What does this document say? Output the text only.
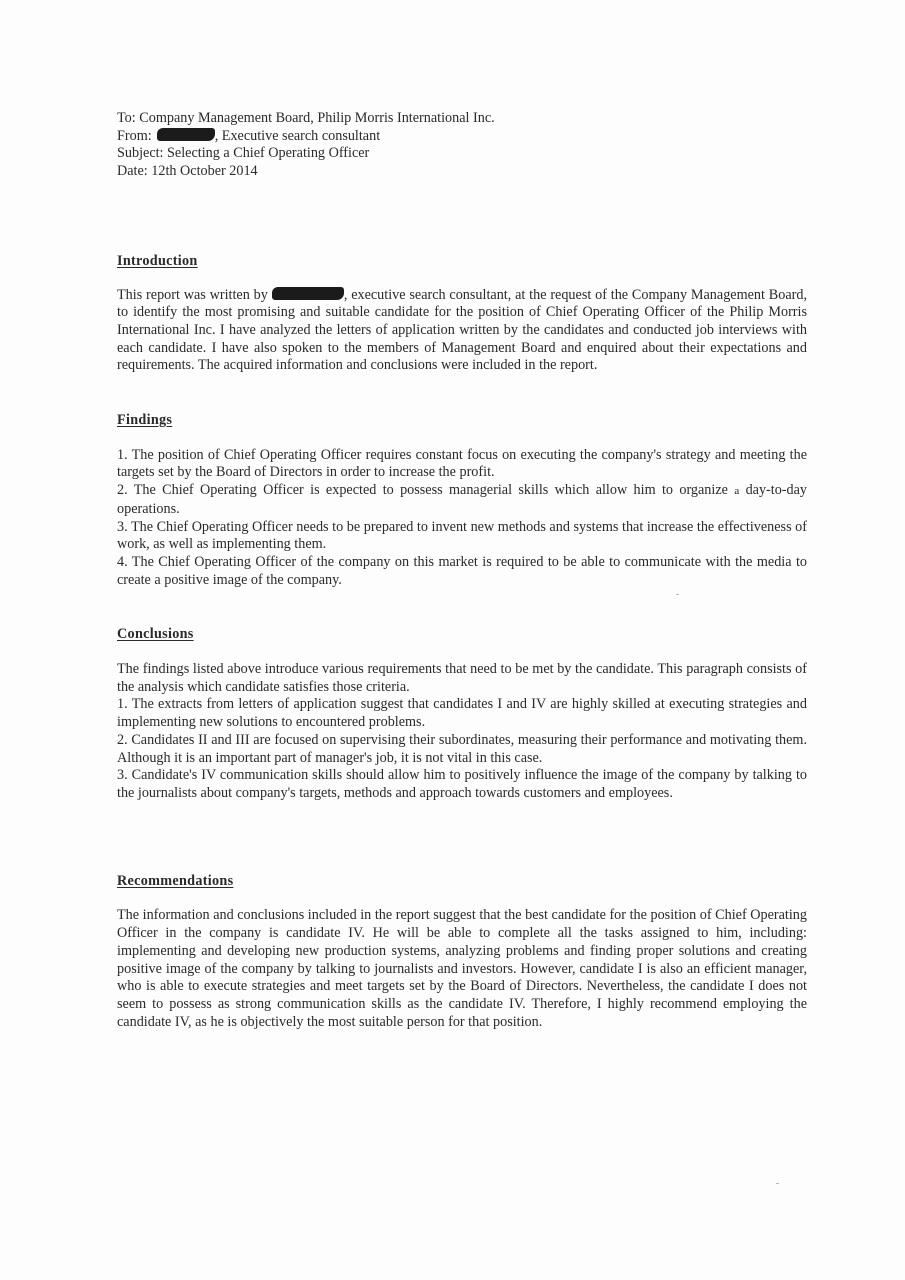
To: Company Management Board, Philip Morris International Inc.

From:	, Executive search consultant

Subject: Selecting a Chief Operating Officer

Date: 12th October 2014

Introduction

This report was written by	, executive search consultant, at the request of the Company Management Board, to identify the most promising and suitable candidate for the position of Chief Operating Officer of the Philip Morris International Inc. I have analyzed the letters of application written by the candidates and conducted job interviews with each candidate. I have also spoken to the members of Management Board and enquired about their expectations and requirements. The acquired information and conclusions were included in the report.

Findings

1. The position of Chief Operating Officer requires constant focus on executing the company's strategy and meeting the targets set by the Board of Directors in order to increase the profit.

2. The Chief Operating Officer is expected to possess managerial skills which allow him to organize a day-to-day operations.

3. The Chief Operating Officer needs to be prepared to invent new methods and systems that increase the effectiveness of work, as well as implementing them.

4. The Chief Operating Officer of the company on this market is required to be able to communicate with the media to create a positive image of the company.

Conclusions

The findings listed above introduce various requirements that need to be met by the candidate. This paragraph consists of the analysis which candidate satisfies those criteria.

1. The extracts from letters of application suggest that candidates I and IV are highly skilled at executing strategies and implementing new solutions to encountered problems.

2. Candidates II and III are focused on supervising their subordinates, measuring their performance and motivating them. Although it is an important part of manager's job, it is not vital in this case.

3. Candidate's IV communication skills should allow him to positively influence the image of the company by talking to the journalists about company's targets, methods and approach towards customers and employees.

Recommendations

The information and conclusions included in the report suggest that the best candidate for the position of Chief Operating Officer in the company is candidate IV. He will be able to complete all the tasks assigned to him, including: implementing and developing new production systems, analyzing problems and finding proper solutions and creating positive image of the company by talking to journalists and investors. However, candidate I is also an efficient manager, who is able to execute strategies and meet targets set by the Board of Directors. Nevertheless, the candidate I does not seem to possess as strong communication skills as the candidate IV. Therefore, I highly recommend employing the candidate IV, as he is objectively the most suitable person for that position.
